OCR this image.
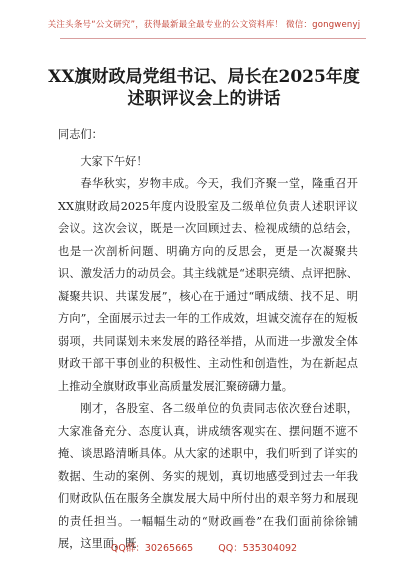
关注头条号“公文研究”，获得最新最全最专业的公文资料库！ 微信：gongwenyj
XX旗财政局党组书记、局长在2025年度
述职评议会上的讲话

同志们：

大家下午好！

春华秋实，岁物丰成。今天，我们齐聚一堂，隆重召开XX旗财政局2025年度内设股室及二级单位负责人述职评议会议。这次会议，既是一次回顾过去、检视成绩的总结会，也是一次剖析问题、明确方向的反思会，更是一次凝聚共识、激发活力的动员会。其主线就是“述职亮绩、点评把脉、凝聚共识、共谋发展”，核心在于通过“晒成绩、找不足、明方向”，全面展示过去一年的工作成效，坦诚交流存在的短板弱项，共同谋划未来发展的路径举措，从而进一步激发全体财政干部干事创业的积极性、主动性和创造性，为在新起点上推动全旗财政事业高质量发展汇聚磅礴力量。

刚才，各股室、各二级单位的负责同志依次登台述职，大家准备充分、态度认真，讲成绩客观实在、摆问题不遮不掩、谈思路清晰具体。从大家的述职中，我们听到了详实的数据、生动的案例、务实的规划，真切地感受到过去一年我们财政队伍在服务全旗发展大局中所付出的艰辛努力和展现的责任担当。一幅幅生动的“财政画卷”在我们面前徐徐铺展，这里面，既

QQ群：30265665	QQ：535304092
